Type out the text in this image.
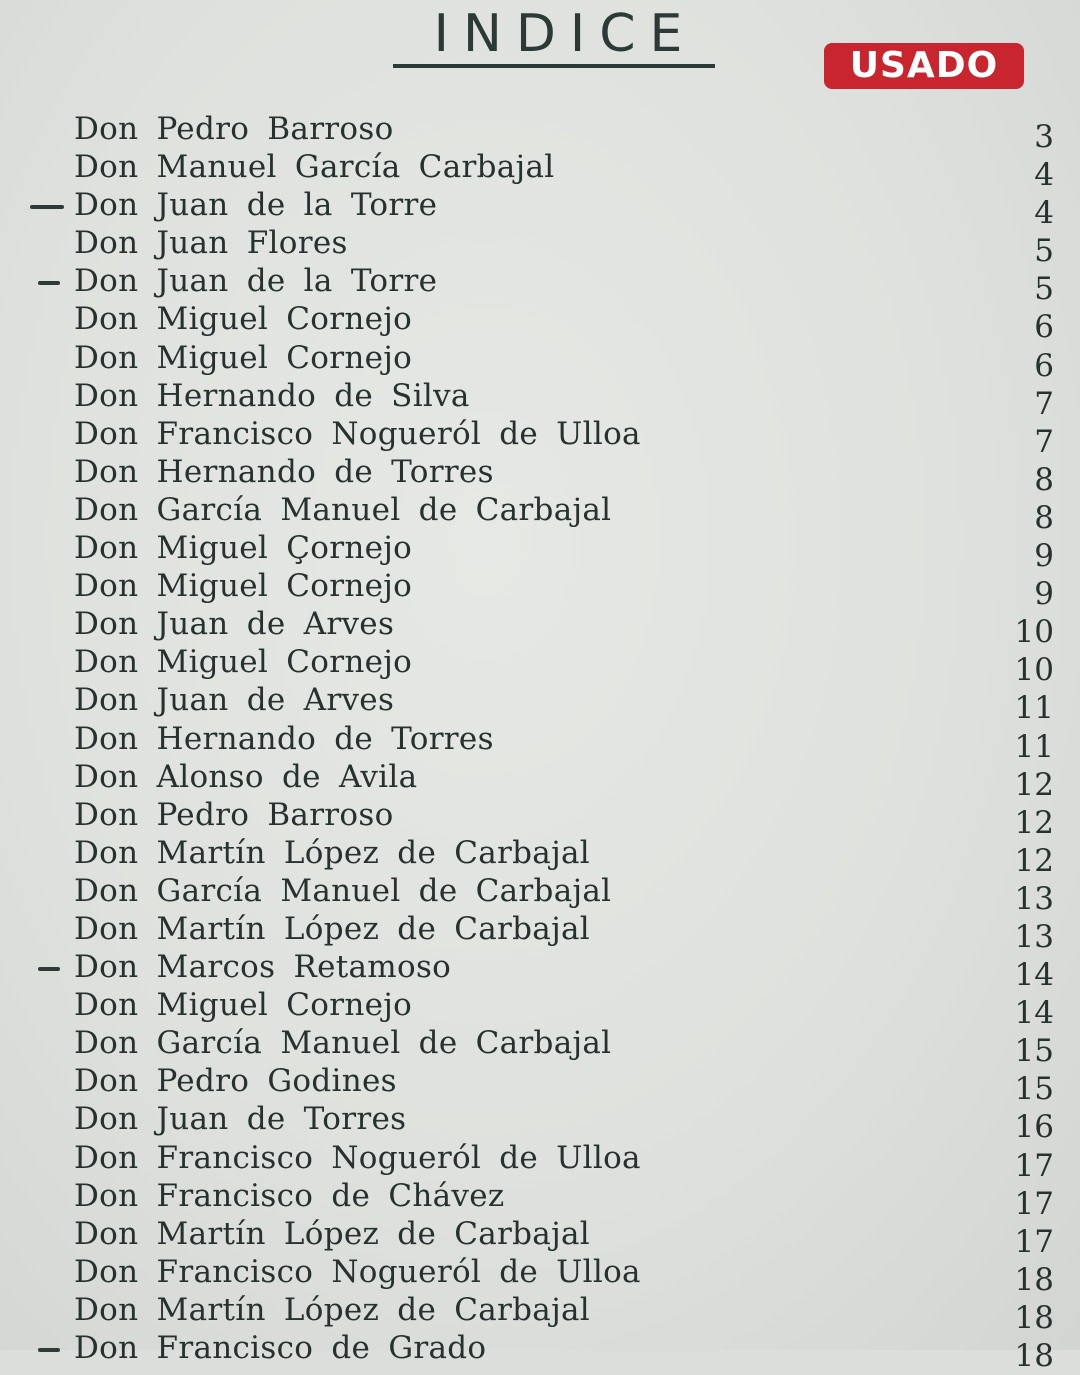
INDICE
USADO
Don Pedro Barroso	3
Don Manuel García Carbajal	4
Don Juan de la Torre	4
Don Juan Flores	5
Don Juan de la Torre	5
Don Miguel Cornejo	6
Don Miguel Cornejo	6
Don Hernando de Silva	7
Don Francisco Nogueról de Ulloa	7
Don Hernando de Torres	8
Don García Manuel de Carbajal	8
Don Miguel Çornejo	9
Don Miguel Cornejo	9
Don Juan de Arves	10
Don Miguel Cornejo	10
Don Juan de Arves	11
Don Hernando de Torres	11
Don Alonso de Avila	12
Don Pedro Barroso	12
Don Martín López de Carbajal	12
Don García Manuel de Carbajal	13
Don Martín López de Carbajal	13
Don Marcos Retamoso	14
Don Miguel Cornejo	14
Don García Manuel de Carbajal	15
Don Pedro Godines	15
Don Juan de Torres	16
Don Francisco Nogueról de Ulloa	17
Don Francisco de Chávez	17
Don Martín López de Carbajal	17
Don Francisco Nogueról de Ulloa	18
Don Martín López de Carbajal	18
Don Francisco de Grado	18
